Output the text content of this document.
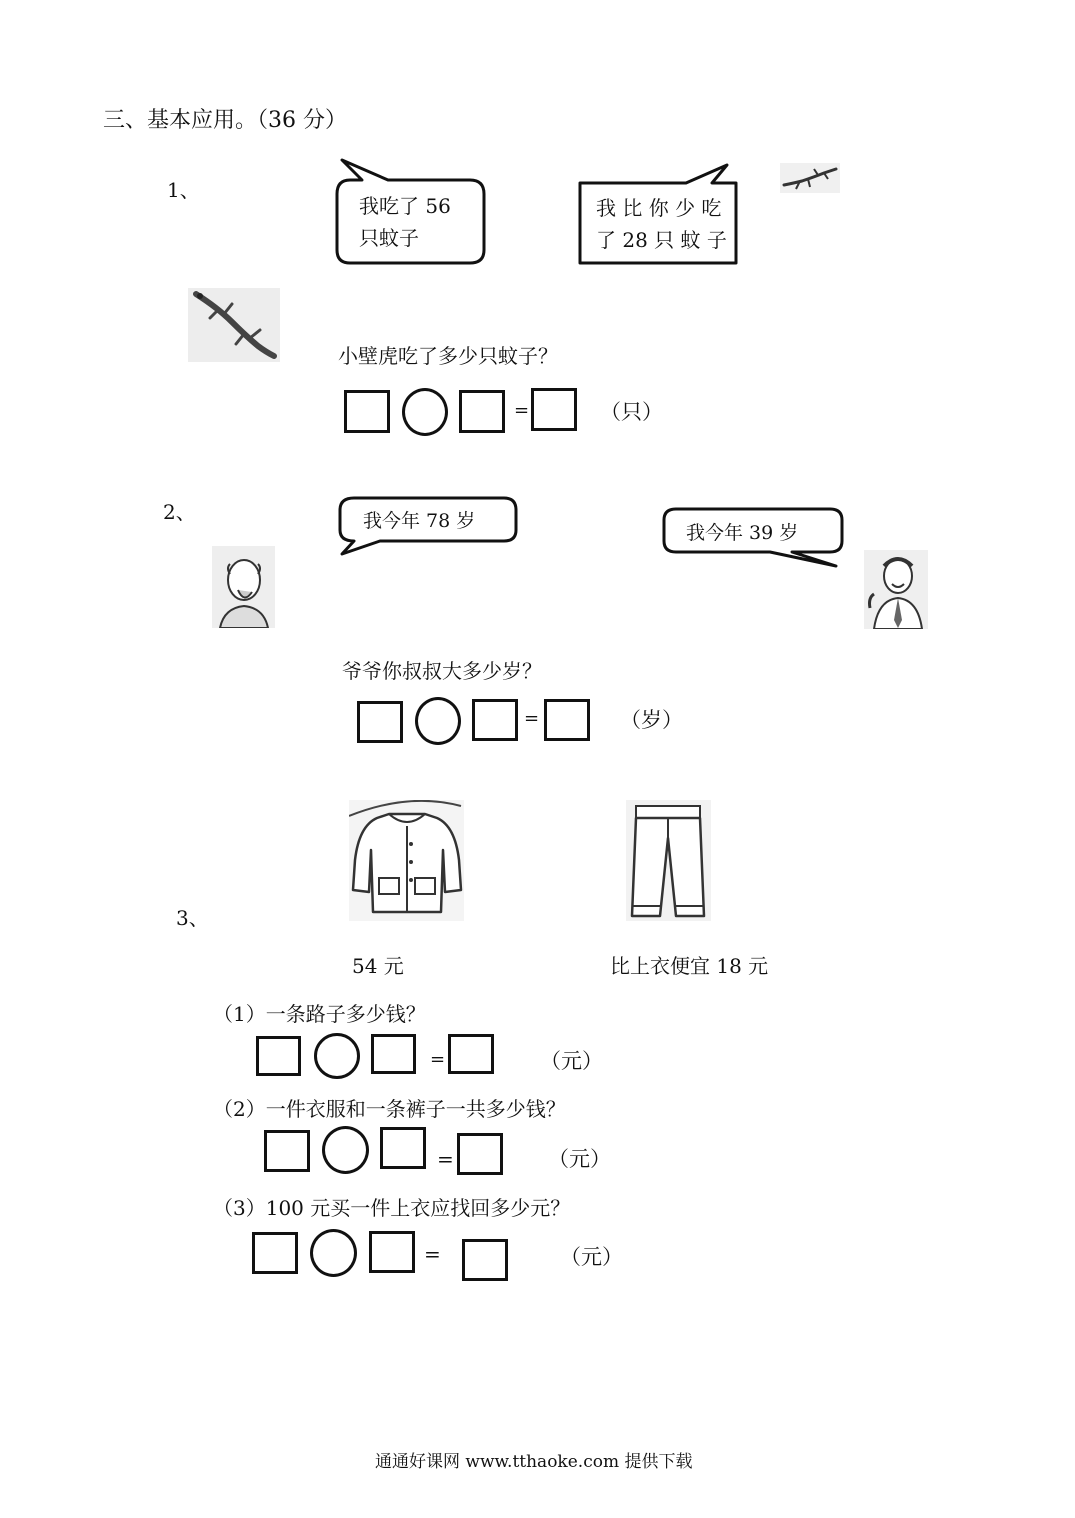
三、基本应用。（36 分）
1、
我吃了 56
只蚊子
我 比 你 少 吃
了 28 只 蚊 子
小壁虎吃了多少只蚊子？
=	（只）
2、	我今年 78 岁
我今年 39 岁
爷爷你叔叔大多少岁？
=	（岁）
3、
54 元	比上衣便宜 18 元
（1）一条路子多少钱？
=	（元）
（2）一件衣服和一条裤子一共多少钱？
=	（元）
（3）100 元买一件上衣应找回多少元？
=	（元）
通通好课网 www.tthaoke.com 提供下载
